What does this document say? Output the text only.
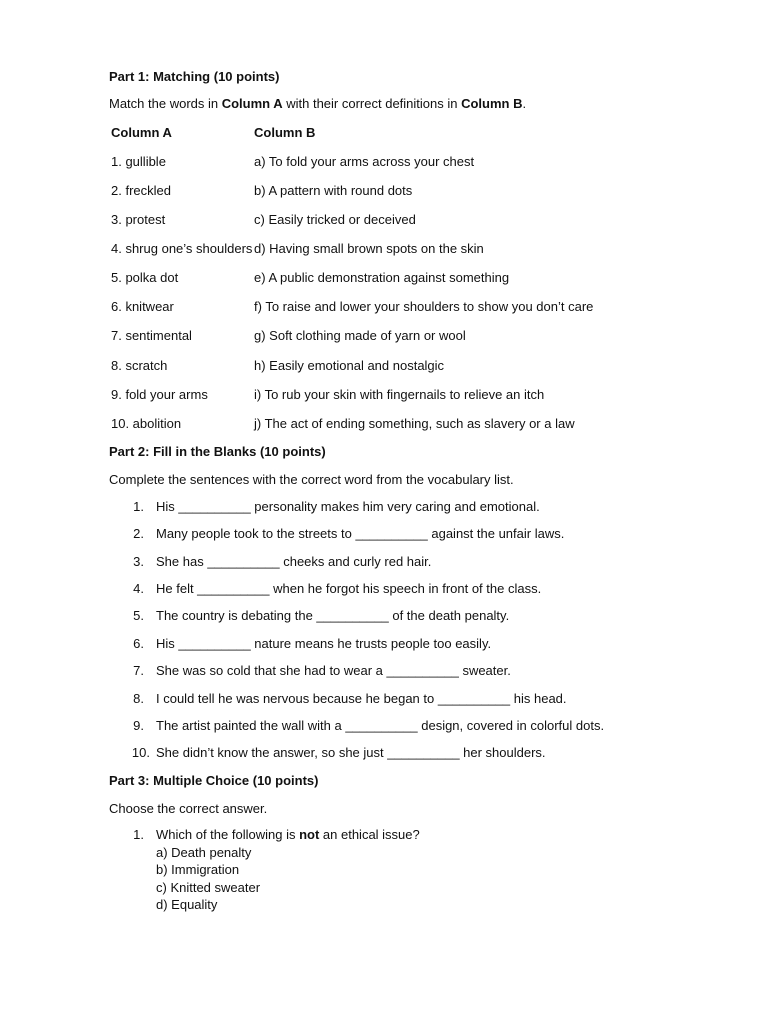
Part 1: Matching (10 points)
Match the words in Column A with their correct definitions in Column B.
Column A	Column B
1. gullible	a) To fold your arms across your chest
2. freckled	b) A pattern with round dots
3. protest	c) Easily tricked or deceived
4. shrug one’s shoulders d) Having small brown spots on the skin
5. polka dot	e) A public demonstration against something
6. knitwear	f) To raise and lower your shoulders to show you don’t care
7. sentimental	g) Soft clothing made of yarn or wool
8. scratch	h) Easily emotional and nostalgic
9. fold your arms	i) To rub your skin with fingernails to relieve an itch
10. abolition	j) The act of ending something, such as slavery or a law
Part 2: Fill in the Blanks (10 points)
Complete the sentences with the correct word from the vocabulary list.
1. His __________ personality makes him very caring and emotional.
2. Many people took to the streets to __________ against the unfair laws.
3. She has __________ cheeks and curly red hair.
4. He felt __________ when he forgot his speech in front of the class.
5. The country is debating the __________ of the death penalty.
6. His __________ nature means he trusts people too easily.
7. She was so cold that she had to wear a __________ sweater.
8. I could tell he was nervous because he began to __________ his head.
9. The artist painted the wall with a __________ design, covered in colorful dots.
10. She didn’t know the answer, so she just __________ her shoulders.
Part 3: Multiple Choice (10 points)
Choose the correct answer.
1. Which of the following is not an ethical issue?
a) Death penalty
b) Immigration
c) Knitted sweater
d) Equality
